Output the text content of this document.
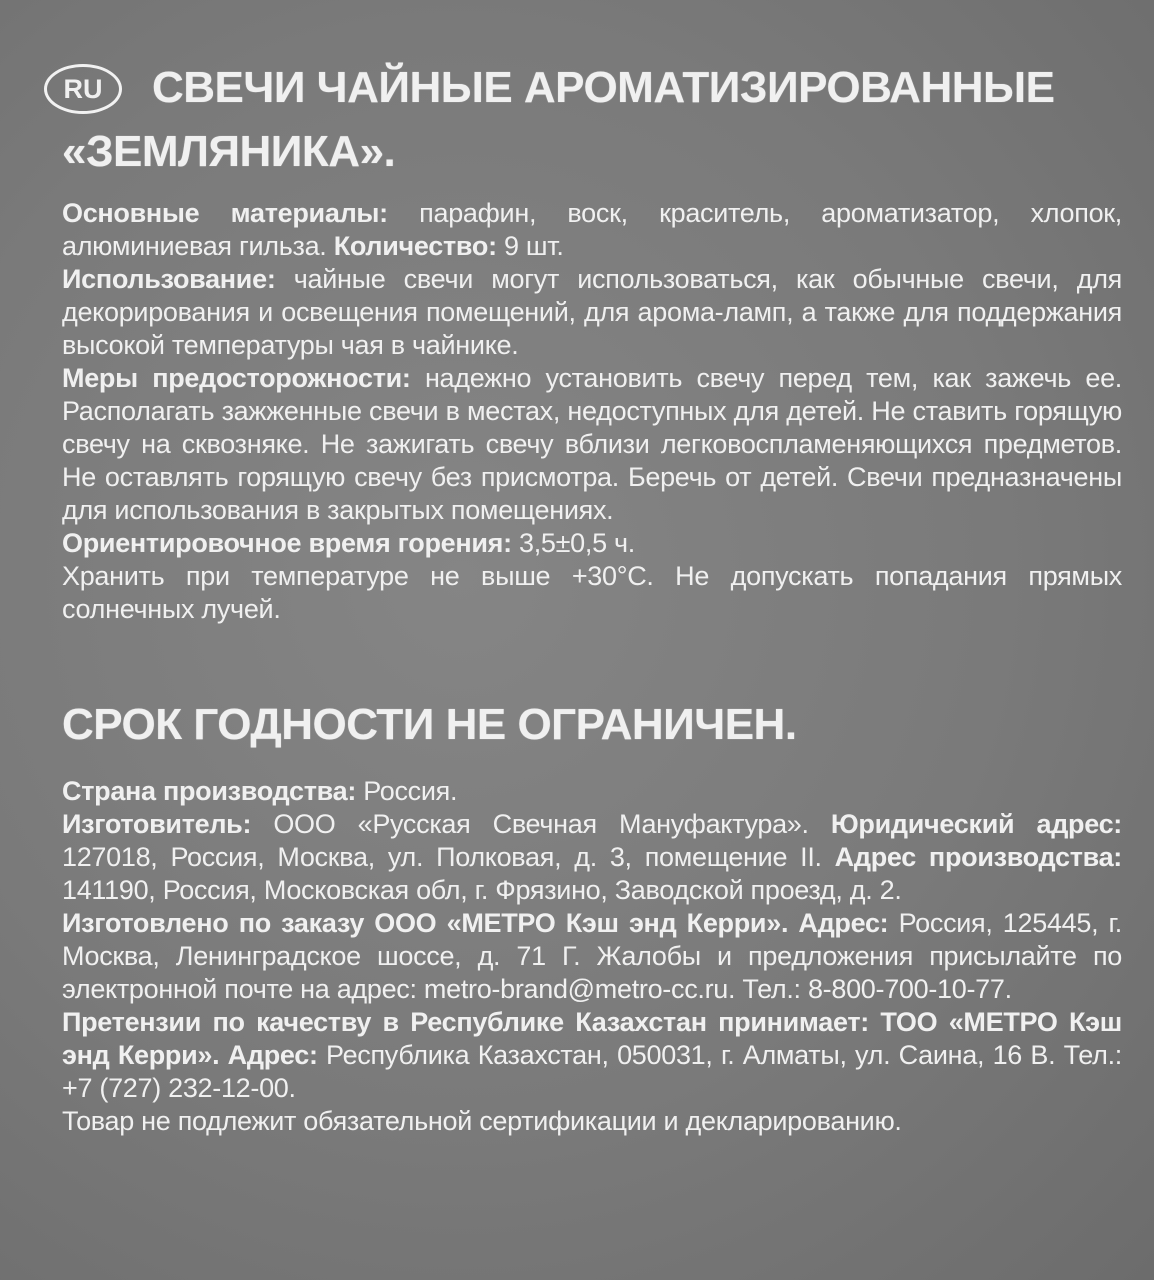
RU	СВЕЧИ ЧАЙНЫЕ АРОМАТИЗИРОВАННЫЕ
«ЗЕМЛЯНИКА».

Основные материалы: парафин, воск, краситель, ароматизатор, хлопок, алюминиевая гильза. Количество: 9 шт.

Использование: чайные свечи могут использоваться, как обычные свечи, для декорирования и освещения помещений, для арома-ламп, а также для поддержания высокой температуры чая в чайнике.

Меры предосторожности: надежно установить свечу перед тем, как зажечь ее. Располагать зажженные свечи в местах, недоступных для детей. Не ставить горящую свечу на сквозняке. Не зажигать свечу вблизи легковоспламеняющихся предметов. Не оставлять горящую свечу без присмотра. Беречь от детей. Свечи предназначены для использования в закрытых помещениях.

Ориентировочное время горения: 3,5±0,5 ч.

Хранить при температуре не выше +30°С. Не допускать попадания прямых солнечных лучей.

СРОК ГОДНОСТИ НЕ ОГРАНИЧЕН.

Страна производства: Россия.

Изготовитель: ООО «Русская Свечная Мануфактура». Юридический адрес: 127018, Россия, Москва, ул. Полковая, д. 3, помещение II. Адрес производства: 141190, Россия, Московская обл, г. Фрязино, Заводской проезд, д. 2.

Изготовлено по заказу ООО «МЕТРО Кэш энд Керри». Адрес: Россия, 125445, г. Москва, Ленинградское шоссе, д. 71 Г. Жалобы и предложения присылайте по электронной почте на адрес: metro-brand@metro-cc.ru. Тел.: 8-800-700-10-77.

Претензии по качеству в Республике Казахстан принимает: ТОО «МЕТРО Кэш энд Керри». Адрес: Республика Казахстан, 050031, г. Алматы, ул. Саина, 16 В. Тел.: +7 (727) 232-12-00.

Товар не подлежит обязательной сертификации и декларированию.
